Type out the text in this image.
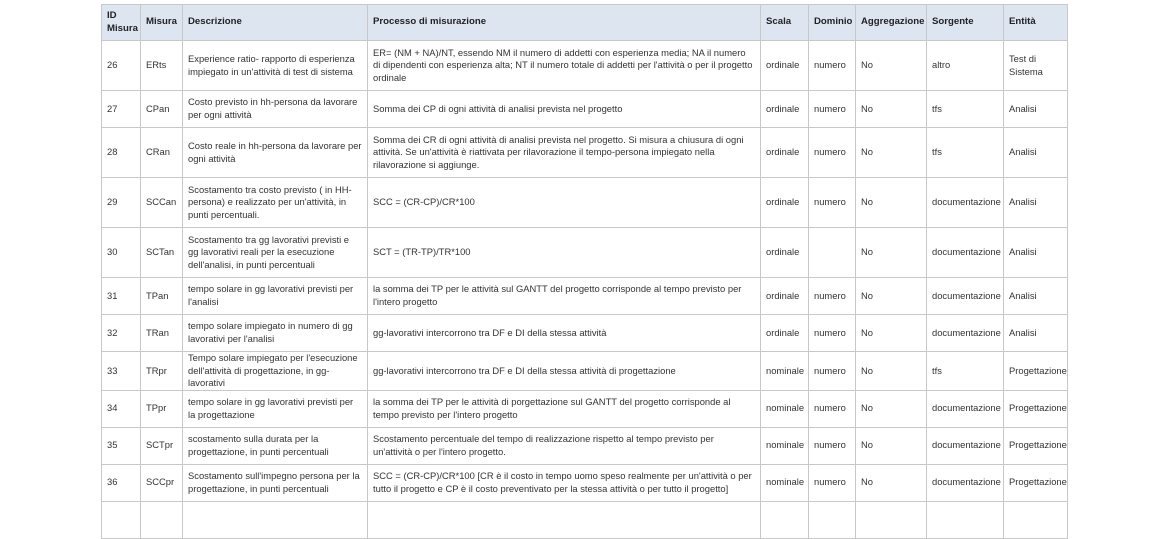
ID Misura	Misura	Descrizione	Processo di misurazione	Scala	Dominio	Aggregazione	Sorgente	Entità
26	ERts	Experience ratio- rapporto di esperienza impiegato in un'attività di test di sistema	ER= (NM + NA)/NT, essendo NM il numero di addetti con esperienza media; NA il numero di dipendenti con esperienza alta; NT il numero totale di addetti per l'attività o per il progetto ordinale	ordinale	numero	No	altro	Test di Sistema
27	CPan	Costo previsto in hh-persona da lavorare per ogni attività	Somma dei CP di ogni attività di analisi prevista nel progetto	ordinale	numero	No	tfs	Analisi
28	CRan	Costo reale in hh-persona da lavorare per ogni attività	Somma dei CR di ogni attività di analisi prevista nel progetto. Si misura a chiusura di ogni attività. Se un'attività è riattivata per rilavorazione il tempo-persona impiegato nella rilavorazione si aggiunge.	ordinale	numero	No	tfs	Analisi
29	SCCan	Scostamento tra costo previsto ( in HH-persona) e realizzato per un'attività, in punti percentuali.	SCC = (CR-CP)/CR*100	ordinale	numero	No	documentazione	Analisi
30	SCTan	Scostamento tra gg lavorativi previsti e gg lavorativi reali per la esecuzione dell'analisi, in punti percentuali	SCT = (TR-TP)/TR*100	ordinale		No	documentazione	Analisi
31	TPan	tempo solare in gg lavorativi previsti per l'analisi	la somma dei TP per le attività sul GANTT del progetto corrisponde al tempo previsto per l'intero progetto	ordinale	numero	No	documentazione	Analisi
32	TRan	tempo solare impiegato in numero di gg lavorativi per l'analisi	gg-lavorativi intercorrono tra DF e DI della stessa attività	ordinale	numero	No	documentazione	Analisi
33	TRpr	Tempo solare impiegato per l'esecuzione dell'attività di progettazione, in gg-lavorativi	gg-lavorativi intercorrono tra DF e DI della stessa attività di progettazione	nominale	numero	No	tfs	Progettazione
34	TPpr	tempo solare in gg lavorativi previsti per la progettazione	la somma dei TP per le attività di porgettazione sul GANTT del progetto corrisponde al tempo previsto per l'intero progetto	nominale	numero	No	documentazione	Progettazione
35	SCTpr	scostamento sulla durata per la progettazione, in punti percentuali	Scostamento percentuale del tempo di realizzazione rispetto al tempo previsto per un'attività o per l'intero progetto.	nominale	numero	No	documentazione	Progettazione
36	SCCpr	Scostamento sull'impegno persona per la progettazione, in punti percentuali	SCC = (CR-CP)/CR*100 [CR è il costo in tempo uomo speso realmente per un'attività o per tutto il progetto e CP è il costo preventivato per la stessa attività o per tutto il progetto]	nominale	numero	No	documentazione	Progettazione
